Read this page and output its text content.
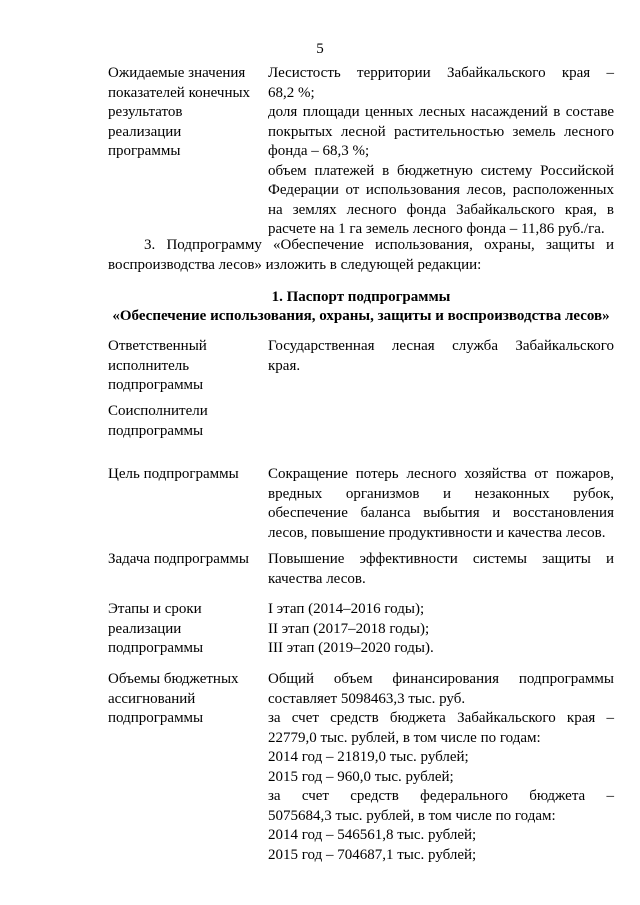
5
Ожидаемые значения
показателей конечных
результатов
реализации
программы
Лесистость территории Забайкальского края –
68,2 %;
доля площади ценных лесных насаждений в составе
покрытых лесной растительностью земель лесного
фонда – 68,3 %;
объем платежей в бюджетную систему Российской
Федерации от использования лесов, расположенных
на землях лесного фонда Забайкальского края, в
расчете на 1 га земель лесного фонда – 11,86 руб./га.
3. Подпрограмму «Обеспечение использования, охраны, защиты и
воспроизводства лесов» изложить в следующей редакции:
1. Паспорт подпрограммы
«Обеспечение использования, охраны, защиты и воспроизводства лесов»
Ответственный
исполнитель
подпрограммы
Государственная лесная служба Забайкальского
края.
Соисполнители
подпрограммы
Цель подпрограммы	Сокращение потерь лесного хозяйства от пожаров,
вредных организмов и незаконных рубок,
обеспечение баланса выбытия и восстановления
лесов, повышение продуктивности и качества лесов.
Задача подпрограммы	Повышение эффективности системы защиты и
качества лесов.
Этапы и сроки
реализации
подпрограммы
I этап (2014–2016 годы);
II этап (2017–2018 годы);
III этап (2019–2020 годы).
Объемы бюджетных
ассигнований
подпрограммы
Общий объем финансирования подпрограммы
составляет 5098463,3 тыс. руб.
за счет средств бюджета Забайкальского края –
22779,0 тыс. рублей, в том числе по годам:
2014 год – 21819,0 тыс. рублей;
2015 год – 960,0 тыс. рублей;
за счет средств федерального бюджета –
5075684,3 тыс. рублей, в том числе по годам:
2014 год – 546561,8 тыс. рублей;
2015 год – 704687,1 тыс. рублей;
